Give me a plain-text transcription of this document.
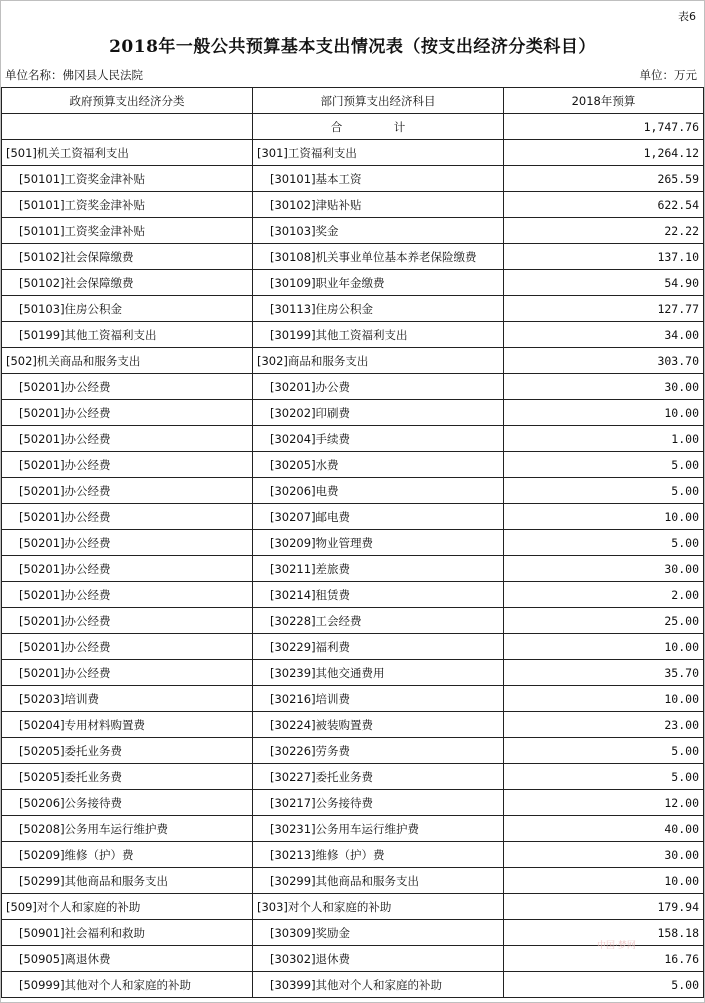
表6
2018年一般公共预算基本支出情况表（按支出经济分类科目）
单位名称：佛冈县人民法院	单位：万元
政府预算支出经济分类	部门预算支出经济科目	2018年预算
	合　计	1,747.76
[501]机关工资福利支出	[301]工资福利支出	1,264.12
[50101]工资奖金津补贴	[30101]基本工资	265.59
[50101]工资奖金津补贴	[30102]津贴补贴	622.54
[50101]工资奖金津补贴	[30103]奖金	22.22
[50102]社会保障缴费	[30108]机关事业单位基本养老保险缴费	137.10
[50102]社会保障缴费	[30109]职业年金缴费	54.90
[50103]住房公积金	[30113]住房公积金	127.77
[50199]其他工资福利支出	[30199]其他工资福利支出	34.00
[502]机关商品和服务支出	[302]商品和服务支出	303.70
[50201]办公经费	[30201]办公费	30.00
[50201]办公经费	[30202]印刷费	10.00
[50201]办公经费	[30204]手续费	1.00
[50201]办公经费	[30205]水费	5.00
[50201]办公经费	[30206]电费	5.00
[50201]办公经费	[30207]邮电费	10.00
[50201]办公经费	[30209]物业管理费	5.00
[50201]办公经费	[30211]差旅费	30.00
[50201]办公经费	[30214]租赁费	2.00
[50201]办公经费	[30228]工会经费	25.00
[50201]办公经费	[30229]福利费	10.00
[50201]办公经费	[30239]其他交通费用	35.70
[50203]培训费	[30216]培训费	10.00
[50204]专用材料购置费	[30224]被装购置费	23.00
[50205]委托业务费	[30226]劳务费	5.00
[50205]委托业务费	[30227]委托业务费	5.00
[50206]公务接待费	[30217]公务接待费	12.00
[50208]公务用车运行维护费	[30231]公务用车运行维护费	40.00
[50209]维修（护）费	[30213]维修（护）费	30.00
[50299]其他商品和服务支出	[30299]其他商品和服务支出	10.00
[509]对个人和家庭的补助	[303]对个人和家庭的补助	179.94
[50901]社会福利和救助	[30309]奖励金	158.18
[50905]离退休费	[30302]退休费	16.76
[50999]其他对个人和家庭的补助	[30399]其他对个人和家庭的补助	5.00
中国·梦网
